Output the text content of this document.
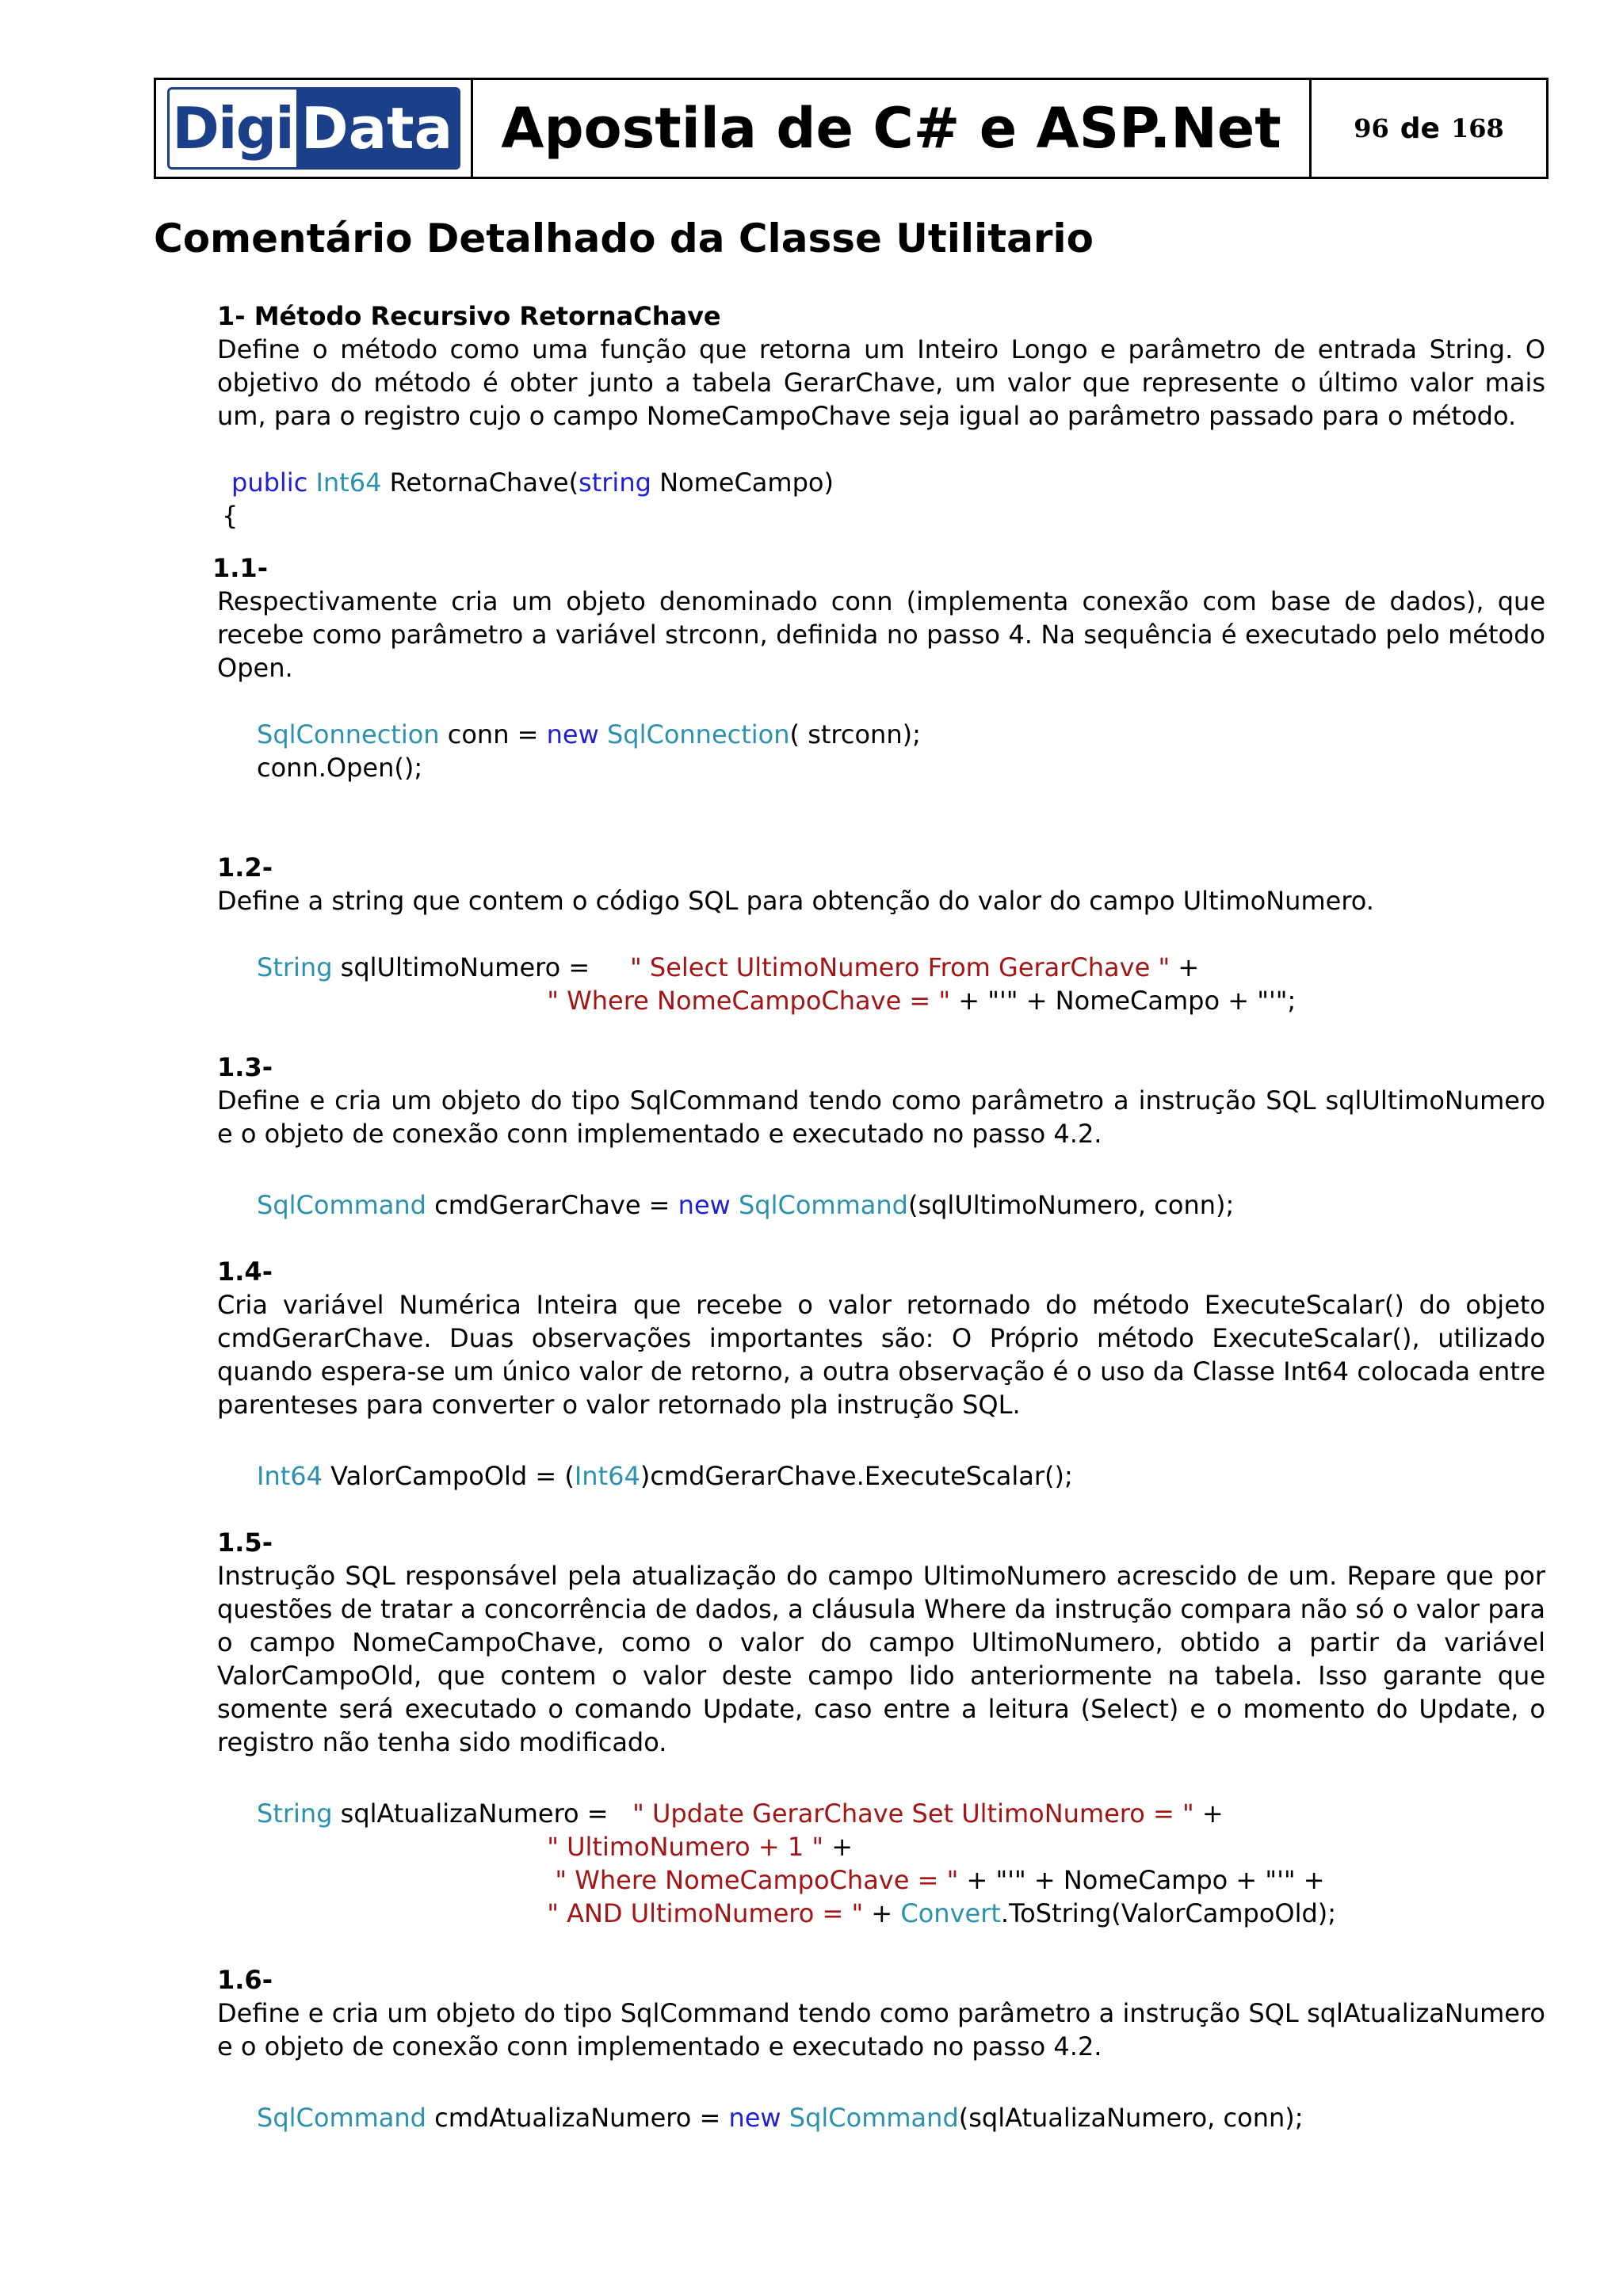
Digi Data Apostila de C# e ASP.Net	96 de 168
Comentário Detalhado da Classe Utilitario
1- Método Recursivo RetornaChave
Define o método como uma função que retorna um Inteiro Longo e parâmetro de entrada String. O objetivo do método é obter junto a tabela GerarChave, um valor que represente o último valor mais um, para o registro cujo o campo NomeCampoChave seja igual ao parâmetro passado para o método.
public Int64 RetornaChave(string NomeCampo)
{
1.1-
Respectivamente cria um objeto denominado conn (implementa conexão com base de dados), que recebe como parâmetro a variável strconn, definida no passo 4. Na sequência é executado pelo método Open.
SqlConnection conn = new SqlConnection( strconn);
conn.Open();
1.2-
Define a string que contem o código SQL para obtenção do valor do campo UltimoNumero.
String sqlUltimoNumero =     " Select UltimoNumero From GerarChave " +
" Where NomeCampoChave = " + "'" + NomeCampo + "'";
1.3-
Define e cria um objeto do tipo SqlCommand tendo como parâmetro a instrução SQL sqlUltimoNumero e o objeto de conexão conn implementado e executado no passo 4.2.
SqlCommand cmdGerarChave = new SqlCommand(sqlUltimoNumero, conn);
1.4-
Cria variável Numérica Inteira que recebe o valor retornado do método ExecuteScalar() do objeto cmdGerarChave. Duas observações importantes são: O Próprio método ExecuteScalar(), utilizado quando espera-se um único valor de retorno, a outra observação é o uso da Classe Int64 colocada entre parenteses para converter o valor retornado pla instrução SQL.
Int64 ValorCampoOld = (Int64)cmdGerarChave.ExecuteScalar();
1.5-
Instrução SQL responsável pela atualização do campo UltimoNumero acrescido de um. Repare que por questões de tratar a concorrência de dados, a cláusula Where da instrução compara não só o valor para o campo NomeCampoChave, como o valor do campo UltimoNumero, obtido a partir da variável ValorCampoOld, que contem o valor deste campo lido anteriormente na tabela. Isso garante que somente será executado o comando Update, caso entre a leitura (Select) e o momento do Update, o registro não tenha sido modificado.
String sqlAtualizaNumero =   " Update GerarChave Set UltimoNumero = " +
" UltimoNumero + 1 " +
" Where NomeCampoChave = " + "'" + NomeCampo + "'" +
" AND UltimoNumero = " + Convert.ToString(ValorCampoOld);
1.6-
Define e cria um objeto do tipo SqlCommand tendo como parâmetro a instrução SQL sqlAtualizaNumero e o objeto de conexão conn implementado e executado no passo 4.2.
SqlCommand cmdAtualizaNumero = new SqlCommand(sqlAtualizaNumero, conn);
